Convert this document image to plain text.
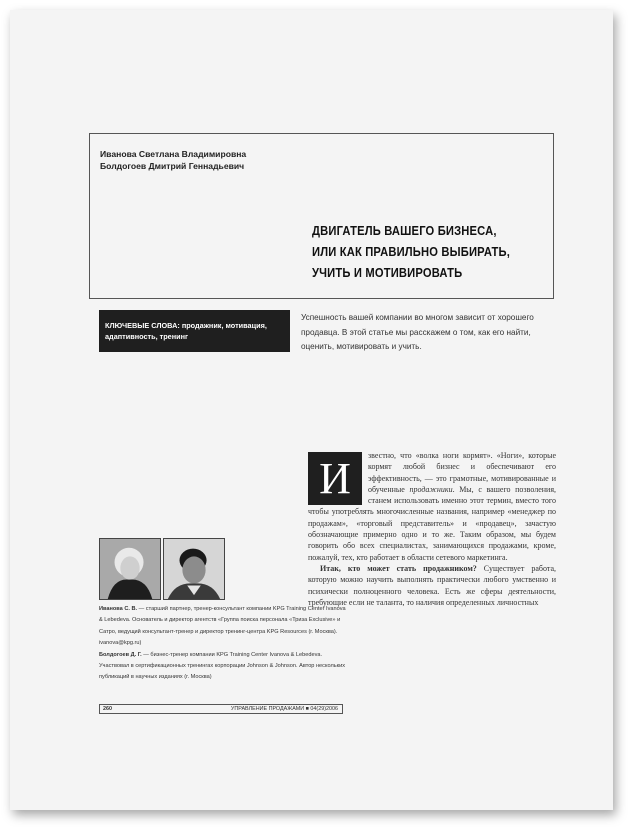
Иванова Светлана Владимировна
Болдогоев Дмитрий Геннадьевич
ДВИГАТЕЛЬ ВАШЕГО БИЗНЕСА,
ИЛИ КАК ПРАВИЛЬНО ВЫБИРАТЬ,
УЧИТЬ И МОТИВИРОВАТЬ
КЛЮЧЕВЫЕ СЛОВА: продажник, мотивация, адаптивность, тренинг
Успешность вашей компании во многом зависит от хорошего продавца. В этой статье мы расскажем о том, как его найти, оценить, мотивировать и учить.
И	звестно, что «волка ноги кормят». «Ноги», которые кормят любой бизнес и обеспечивают его эффективность, — это грамотные, мотивированные и обученные продажники. Мы, с вашего позволения, станем использовать именно этот термин, вместо того чтобы употреблять многочисленные названия, например «менеджер по продажам», «торговый представитель» и «продавец», зачастую обозначающие примерно одно и то же. Таким образом, мы будем говорить обо всех специалистах, занимающихся продажами, кроме, пожалуй, тех, кто работает в области сетевого маркетинга.

Итак, кто может стать продажником? Существует работа, которую можно научить выполнять практически любого умственно и психически полноценного человека. Есть же сферы деятельности, требующие если не таланта, то наличия определенных личностных

Иванова С. В. — старший партнер, тренер-консультант компании KPG Training Center Ivanova & Lebedeva. Основатель и директор агентств «Группа поиска персонала «Триза Exclusive» и Сатро, ведущий консультант-тренер и директор тренинг-центра KPG Resources (г. Москва). ivanova@kpg.ru)

Болдогоев Д. Г. — бизнес-тренер компании KPG Training Center Ivanova & Lebedeva. Участвовал в сертификационных тренингах корпорации Johnson & Johnson. Автор нескольких публикаций в научных изданиях (г. Москва)

260	УПРАВЛЕНИЕ ПРОДАЖАМИ ■ 04(29)2006
